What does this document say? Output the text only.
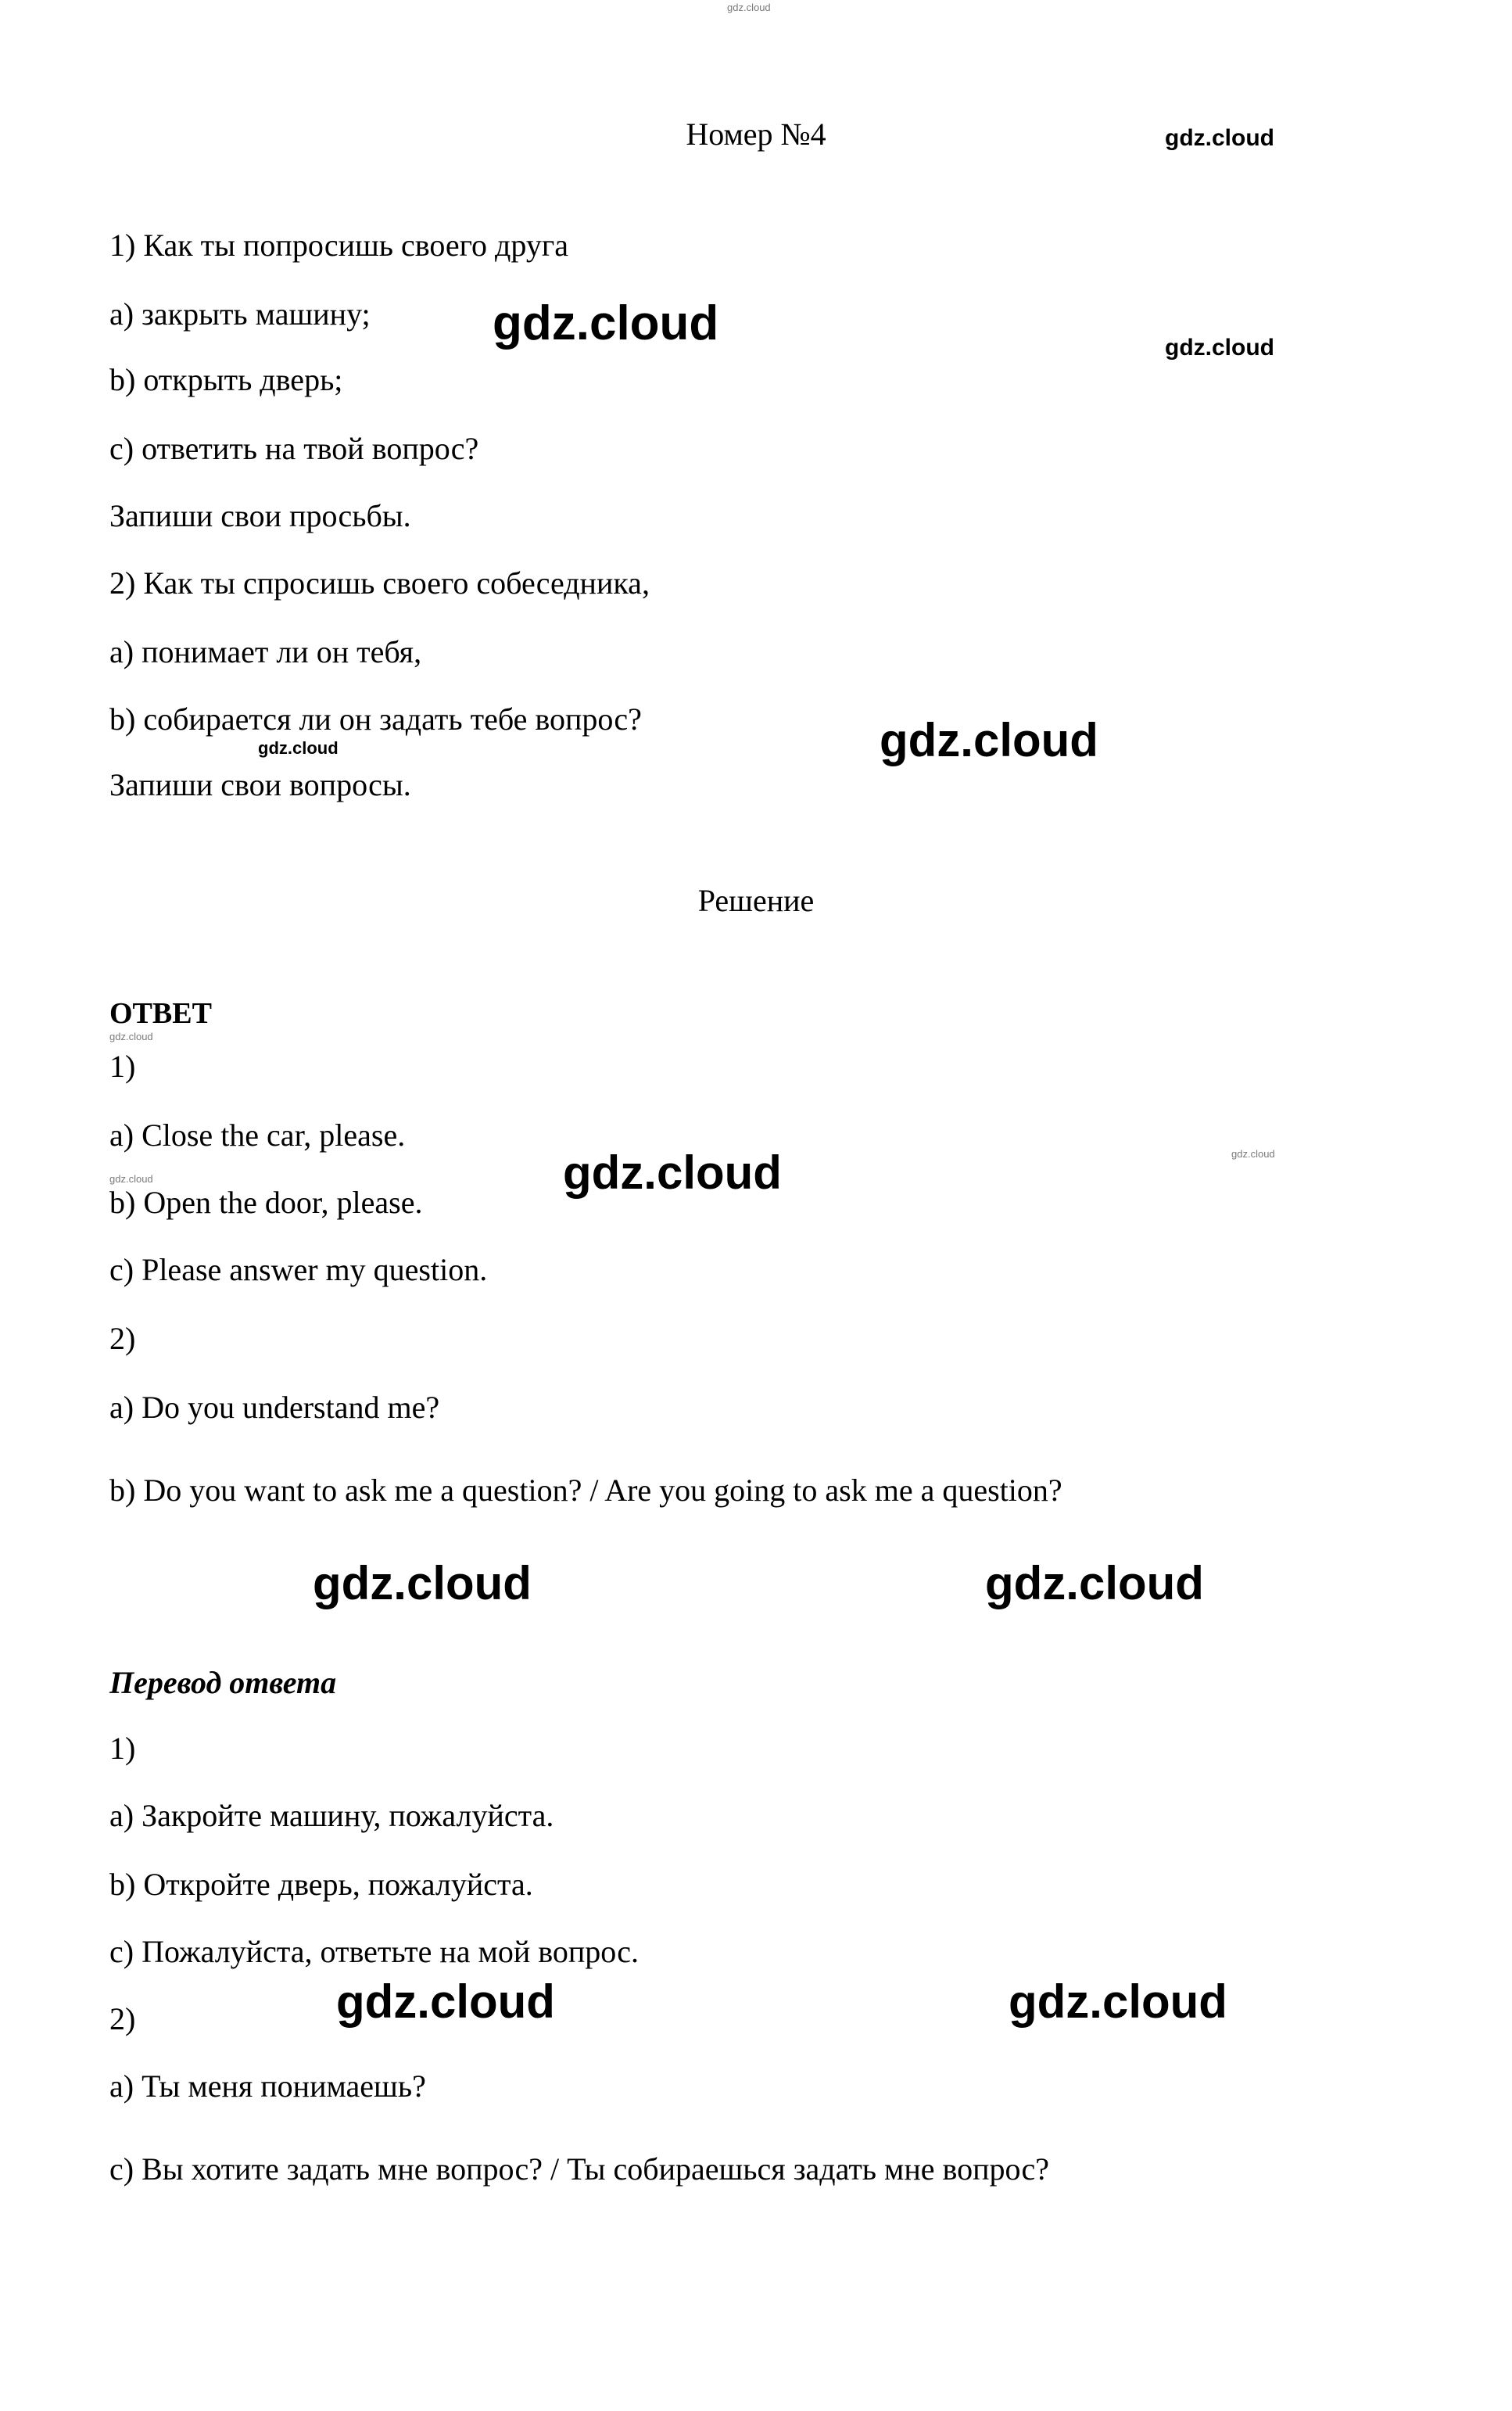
gdz.cloud
gdz.cloud
gdz.cloud
gdz.cloud
gdz.cloud	gdz.cloud
gdz.cloud
gdz.cloud	gdz.cloud
gdz.cloud
gdz.cloud	gdz.cloud
gdz.cloud	gdz.cloud
Номер №4
1) Как ты попросишь своего друга
a) закрыть машину;
b) открыть дверь;
c) ответить на твой вопрос?
Запиши свои просьбы.
2) Как ты спросишь своего собеседника,
a) понимает ли он тебя,
b) собирается ли он задать тебе вопрос?
Запиши свои вопросы.
Решение
ОТВЕТ
1)
a) Close the car, please.
b) Open the door, please.
c) Please answer my question.
2)
a) Do you understand me?
b) Do you want to ask me a question? / Are you going to ask me a question?
Перевод ответа
1)
a) Закройте машину, пожалуйста.
b) Откройте дверь, пожалуйста.
c) Пожалуйста, ответьте на мой вопрос.
2)
a) Ты меня понимаешь?
c) Вы хотите задать мне вопрос? / Ты собираешься задать мне вопрос?
